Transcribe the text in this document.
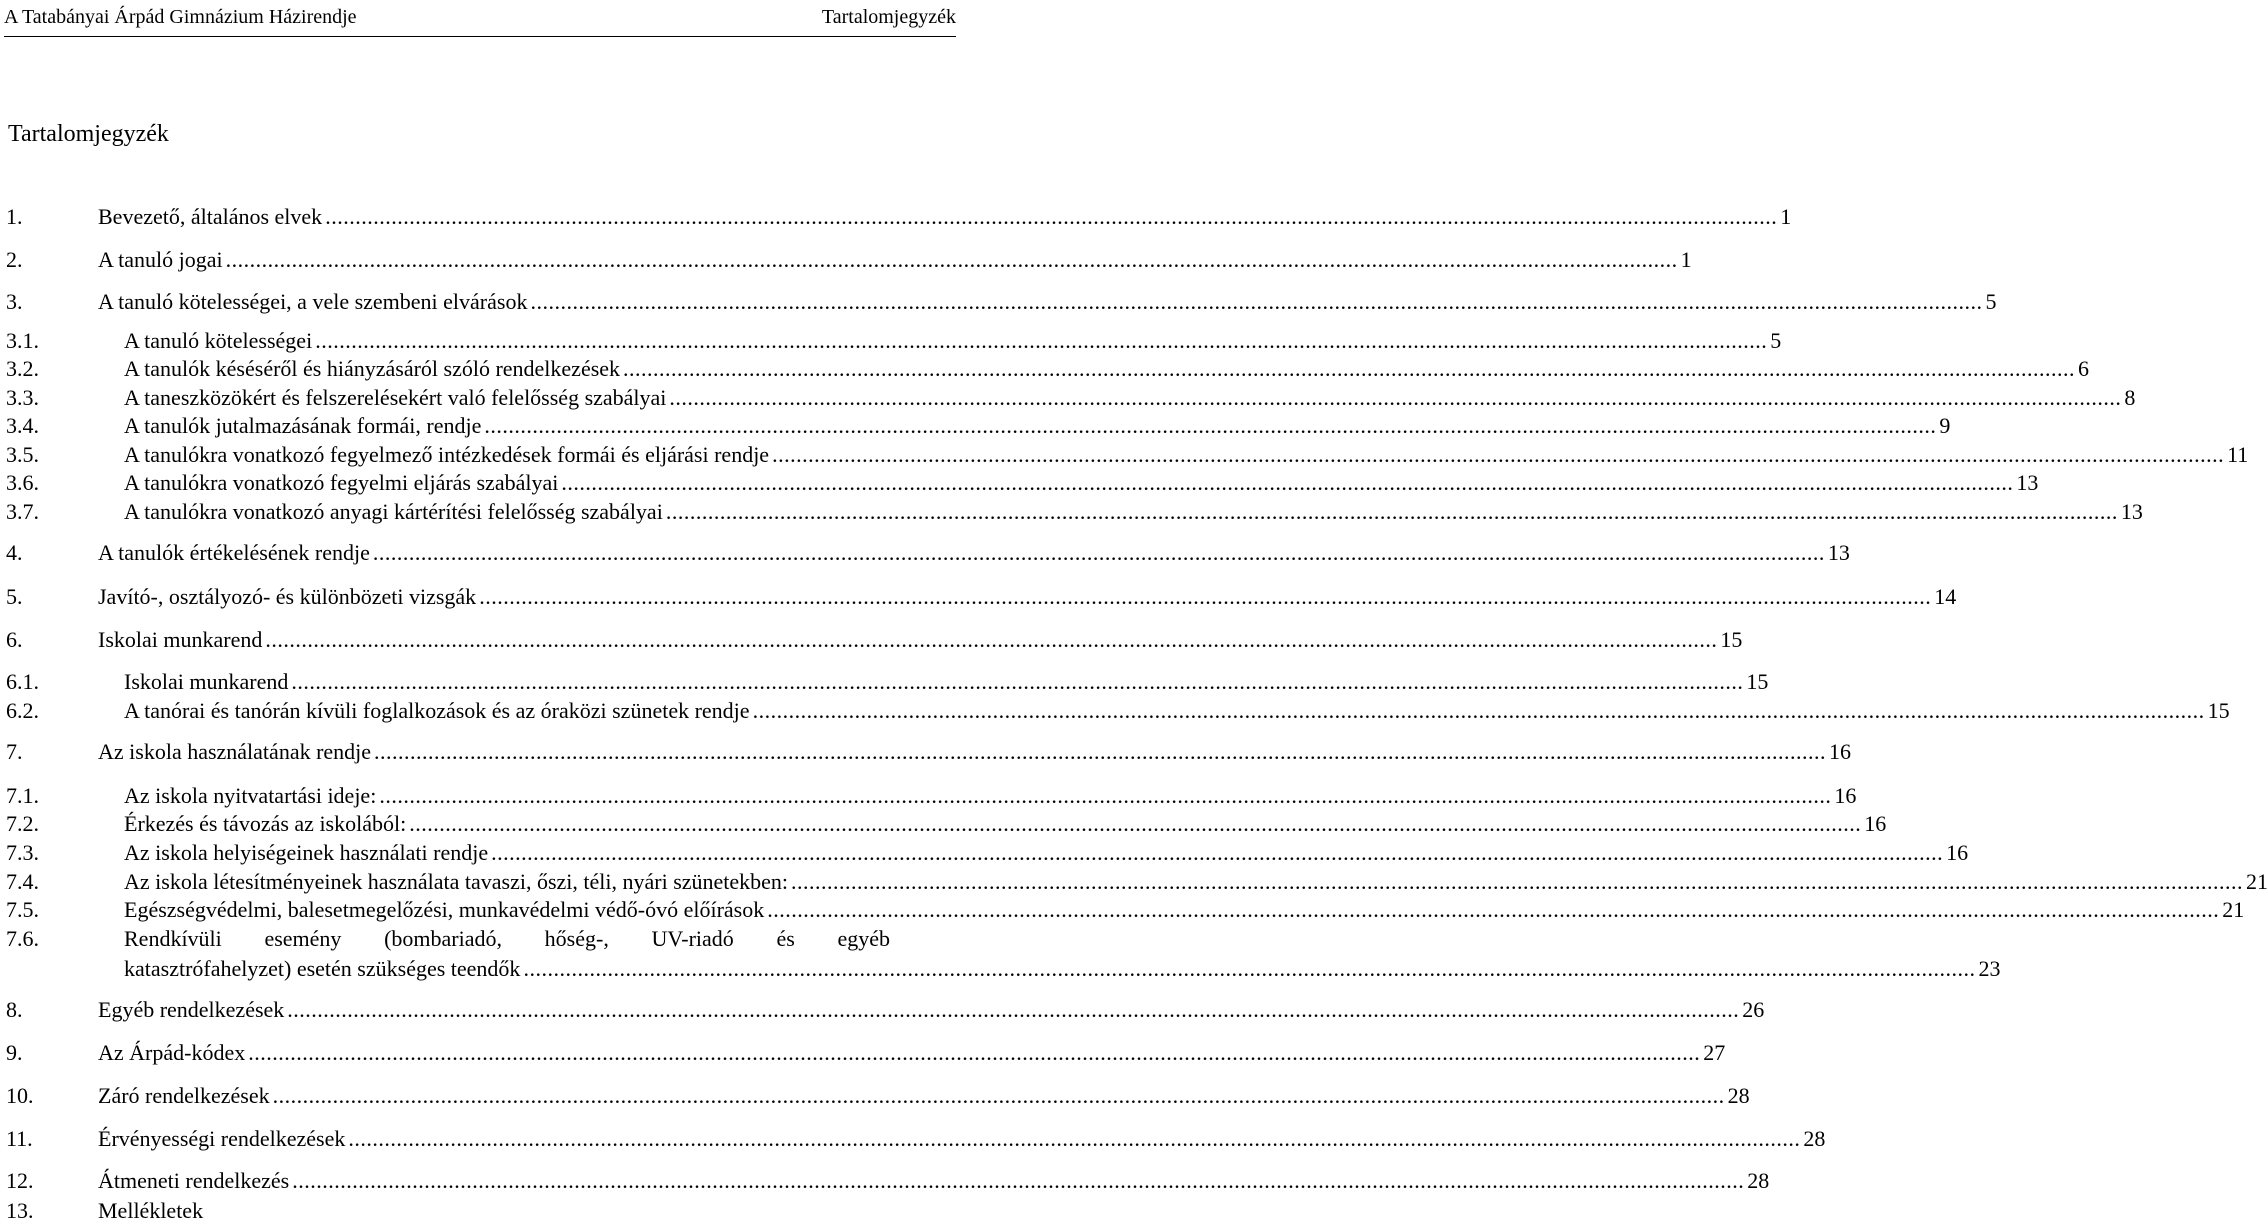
A Tatabányai Árpád Gimnázium Házirendje	Tartalomjegyzék
Tartalomjegyzék
1.	Bevezető, általános elvek .................................................................................................................................................................................................................................................. 1
2.	A tanuló jogai .................................................................................................................................................................................................................................................. 1
3.	A tanuló kötelességei, a vele szembeni elvárások .................................................................................................................................................................................................................................................. 5
3.1.	A tanuló kötelességei .................................................................................................................................................................................................................................................. 5
3.2.	A tanulók késéséről és hiányzásáról szóló rendelkezések .................................................................................................................................................................................................................................................. 6
3.3.	A taneszközökért és felszerelésekért való felelősség szabályai .................................................................................................................................................................................................................................................. 8
3.4.	A tanulók jutalmazásának formái, rendje .................................................................................................................................................................................................................................................. 9
3.5.	A tanulókra vonatkozó fegyelmező intézkedések formái és eljárási rendje .................................................................................................................................................................................................................................................. 11
3.6.	A tanulókra vonatkozó fegyelmi eljárás szabályai .................................................................................................................................................................................................................................................. 13
3.7.	A tanulókra vonatkozó anyagi kártérítési felelősség szabályai .................................................................................................................................................................................................................................................. 13
4.	A tanulók értékelésének rendje .................................................................................................................................................................................................................................................. 13
5.	Javító-, osztályozó- és különbözeti vizsgák .................................................................................................................................................................................................................................................. 14
6.	Iskolai munkarend .................................................................................................................................................................................................................................................. 15
6.1.	Iskolai munkarend .................................................................................................................................................................................................................................................. 15
6.2.	A tanórai és tanórán kívüli foglalkozások és az óraközi szünetek rendje .................................................................................................................................................................................................................................................. 15
7.	Az iskola használatának rendje .................................................................................................................................................................................................................................................. 16
7.1.	Az iskola nyitvatartási ideje: .................................................................................................................................................................................................................................................. 16
7.2.	Érkezés és távozás az iskolából: .................................................................................................................................................................................................................................................. 16
7.3.	Az iskola helyiségeinek használati rendje .................................................................................................................................................................................................................................................. 16
7.4.	Az iskola létesítményeinek használata tavaszi, őszi, téli, nyári szünetekben: .................................................................................................................................................................................................................................................. 21
7.5.	Egészségvédelmi, balesetmegelőzési, munkavédelmi védő-óvó előírások .................................................................................................................................................................................................................................................. 21
7.6.	Rendkívüli esemény (bombariadó, hőség-, UV-riadó és egyéb
katasztrófahelyzet) esetén szükséges teendők .................................................................................................................................................................................................................................................. 23
8.	Egyéb rendelkezések .................................................................................................................................................................................................................................................. 26
9.	Az Árpád-kódex .................................................................................................................................................................................................................................................. 27
10.	Záró rendelkezések .................................................................................................................................................................................................................................................. 28
11.	Érvényességi rendelkezések .................................................................................................................................................................................................................................................. 28
12.	Átmeneti rendelkezés .................................................................................................................................................................................................................................................. 28
13.	Mellékletek
